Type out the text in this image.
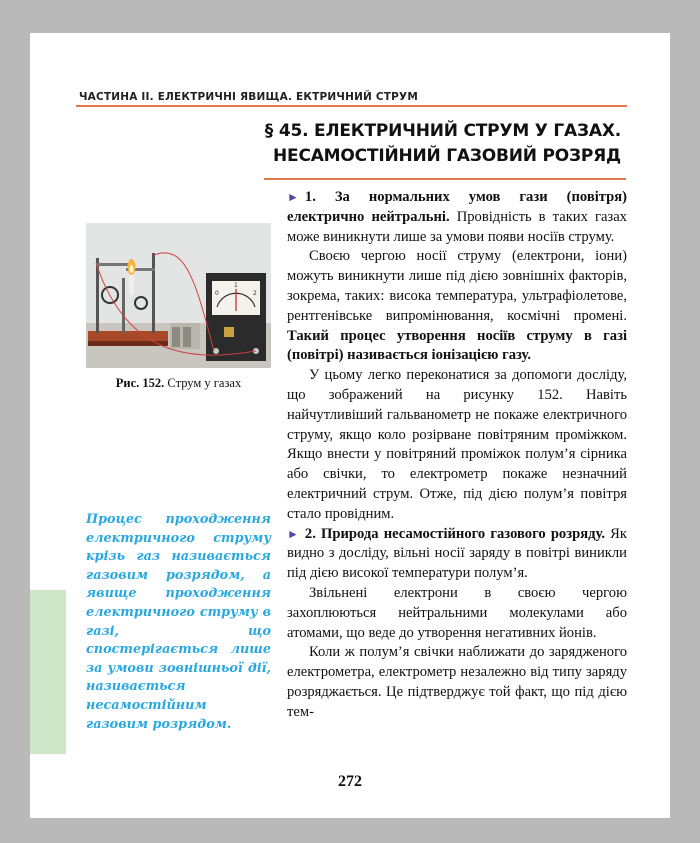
ЧАСТИНА ІІ. ЕЛЕКТРИЧНІ ЯВИЩА. ЕКТРИЧНИЙ СТРУМ
§ 45. ЕЛЕКТРИЧНИЙ СТРУМ У ГАЗАХ.
НЕСАМОСТІЙНИЙ ГАЗОВИЙ РОЗРЯД
0
1
2
Рис. 152. Струм у газах
Процес проходження електричного струму крізь газ називається газовим розрядом, а явище проходження електричного струму в газі, що спостерігається лише за умови зовнішньої дії, називається несамостійним газовим розрядом.

► 1. За нормальних умов гази (повітря) електрично нейтральні. Провідність в таких газах може виникнути лише за умови появи носіїв струму.

Своєю чергою носії струму (електрони, іони) можуть виникнути лише під дією зовнішніх факторів, зокрема, таких: висока температура, ультрафіолетове, рентгенівське випромінювання, космічні промені. Такий процес утворення носіїв струму в газі (повітрі) називається іонізацією газу.

У цьому легко переконатися за допомоги досліду, що зображений на рисунку 152. Навіть найчутливіший гальванометр не покаже електричного струму, якщо коло розірване повітряним проміжком. Якщо внести у повітряний проміжок полум’я сірника або свічки, то електрометр покаже незначний електричний струм. Отже, під дією полум’я повітря стало провідним.

► 2. Природа несамостійного газового розряду. Як видно з досліду, вільні носії заряду в повітрі виникли під дією високої температури полум’я.

Звільнені електрони в своєю чергою захоплюються нейтральними молекулами або атомами, що веде до утворення негативних йонів.

Коли ж полум’я свічки наближати до зарядженого електрометра, електрометр незалежно від типу заряду розряджається. Це підтверджує той факт, що під дією тем-

272
